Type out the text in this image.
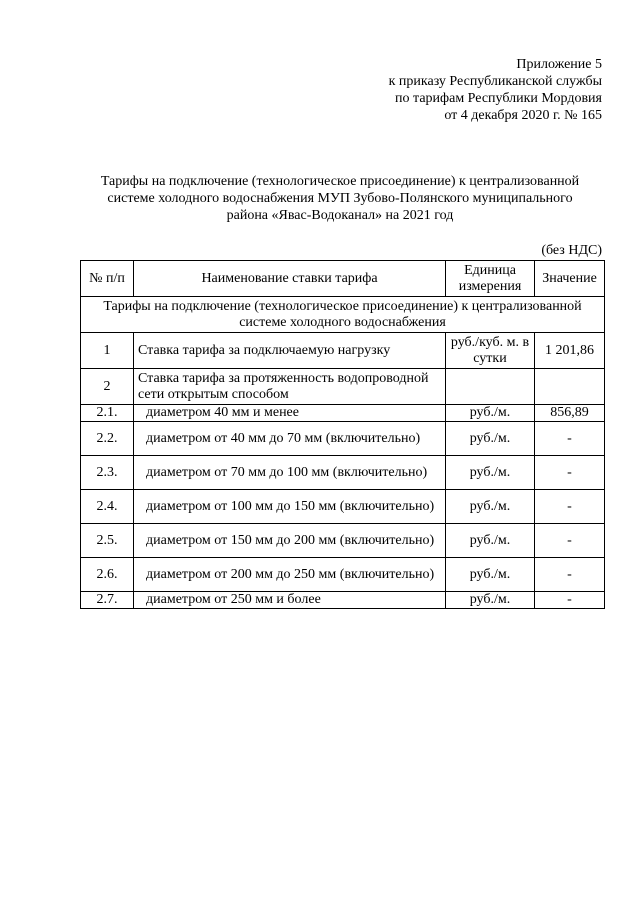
Приложение 5
к приказу Республиканской службы
по тарифам Республики Мордовия
от 4 декабря 2020 г. № 165
Тарифы на подключение (технологическое присоединение) к централизованной
системе холодного водоснабжения МУП Зубово-Полянского муниципального
района «Явас-Водоканал» на 2021 год
(без НДС)
№ п/п	Наименование ставки тарифа	Единица измерения	Значение
Тарифы на подключение (технологическое присоединение) к централизованной системе холодного водоснабжения			
1	Ставка тарифа за подключаемую нагрузку	руб./куб. м. в сутки	1 201,86
2	Ставка тарифа за протяженность водопроводной сети открытым способом		
2.1.	диаметром 40 мм и менее	руб./м.	856,89
2.2.	диаметром от 40 мм до 70 мм (включительно)	руб./м.	-
2.3.	диаметром от 70 мм до 100 мм (включительно)	руб./м.	-
2.4.	диаметром от 100 мм до 150 мм (включительно)	руб./м.	-
2.5.	диаметром от 150 мм до 200 мм (включительно)	руб./м.	-
2.6.	диаметром от 200 мм до 250 мм (включительно)	руб./м.	-
2.7.	диаметром от 250 мм и более	руб./м.	-
